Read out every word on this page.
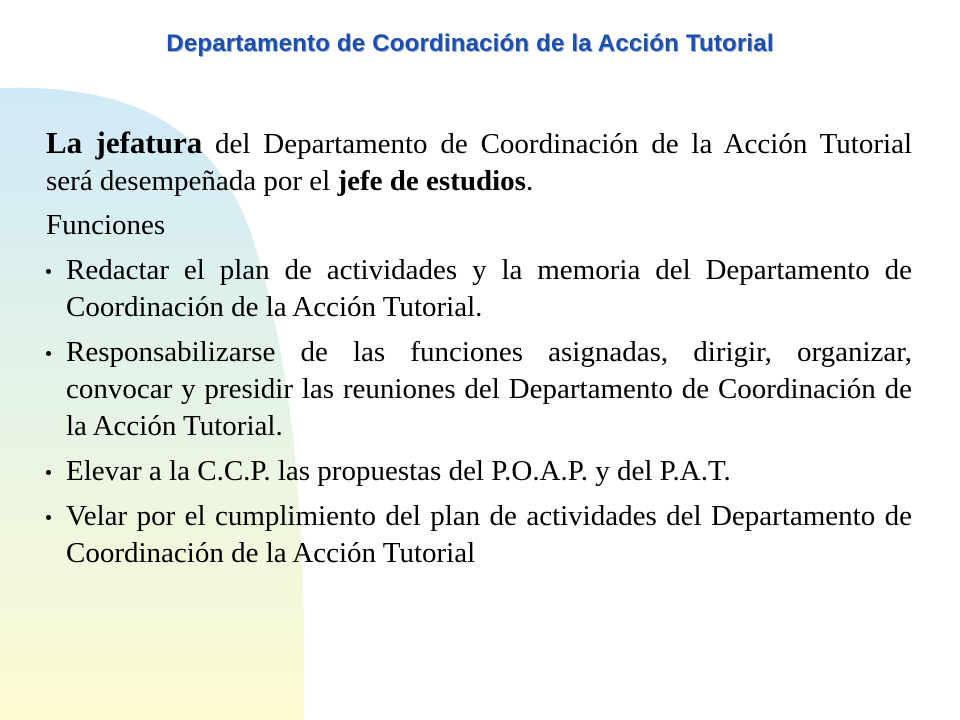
Departamento de Coordinación de la Acción Tutorial

La jefatura del Departamento de Coordinación de la Acción Tutorial será desempeñada por el jefe de estudios.

Funciones

Redactar el plan de actividades y la memoria del Departamento de Coordinación de la Acción Tutorial.
Responsabilizarse de las funciones asignadas, dirigir, organizar, convocar y presidir las reuniones del Departamento de Coordinación de la Acción Tutorial.
Elevar a la C.C.P. las propuestas del P.O.A.P. y del P.A.T.
Velar por el cumplimiento del plan de actividades del Departamento de Coordinación de la Acción Tutorial
